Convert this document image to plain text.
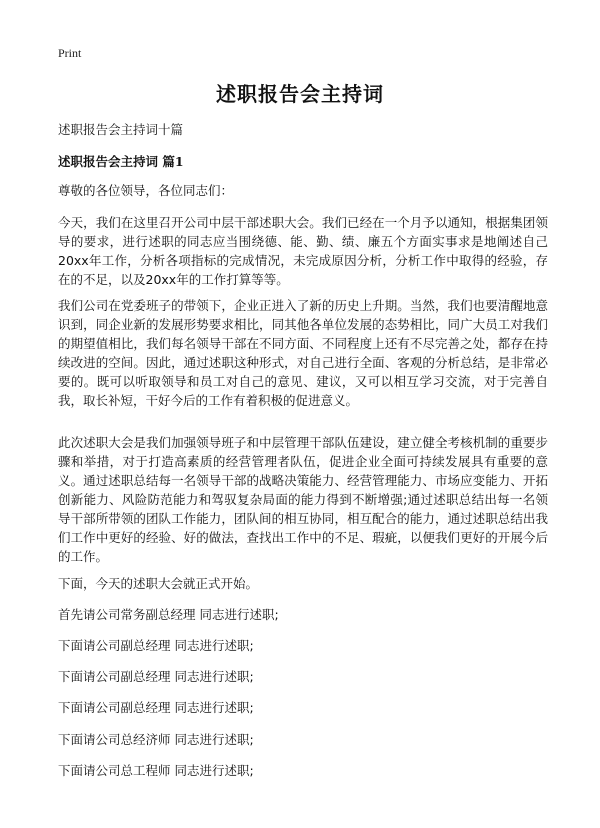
Print
述职报告会主持词
述职报告会主持词十篇
述职报告会主持词 篇1
尊敬的各位领导，各位同志们：
今天，我们在这里召开公司中层干部述职大会。我们已经在一个月予以通知，根据集团领导的要求，进行述职的同志应当围绕德、能、勤、绩、廉五个方面实事求是地阐述自己20xx年工作，分析各项指标的完成情况，未完成原因分析，分析工作中取得的经验，存在的不足，以及20xx年的工作打算等等。
我们公司在党委班子的带领下，企业正进入了新的历史上升期。当然，我们也要清醒地意识到，同企业新的发展形势要求相比，同其他各单位发展的态势相比，同广大员工对我们的期望值相比，我们每名领导干部在不同方面、不同程度上还有不尽完善之处，都存在持续改进的空间。因此，通过述职这种形式，对自己进行全面、客观的分析总结，是非常必要的。既可以听取领导和员工对自己的意见、建议，又可以相互学习交流，对于完善自我，取长补短，干好今后的工作有着积极的促进意义。
此次述职大会是我们加强领导班子和中层管理干部队伍建设，建立健全考核机制的重要步骤和举措，对于打造高素质的经营管理者队伍，促进企业全面可持续发展具有重要的意义。通过述职总结每一名领导干部的战略决策能力、经营管理能力、市场应变能力、开拓创新能力、风险防范能力和驾驭复杂局面的能力得到不断增强;通过述职总结出每一名领导干部所带领的团队工作能力，团队间的相互协同，相互配合的能力，通过述职总结出我们工作中更好的经验、好的做法，查找出工作中的不足、瑕疵，以便我们更好的开展今后的工作。
下面，今天的述职大会就正式开始。
首先请公司常务副总经理 同志进行述职;
下面请公司副总经理 同志进行述职;
下面请公司副总经理 同志进行述职;
下面请公司副总经理 同志进行述职;
下面请公司总经济师 同志进行述职;
下面请公司总工程师 同志进行述职;
